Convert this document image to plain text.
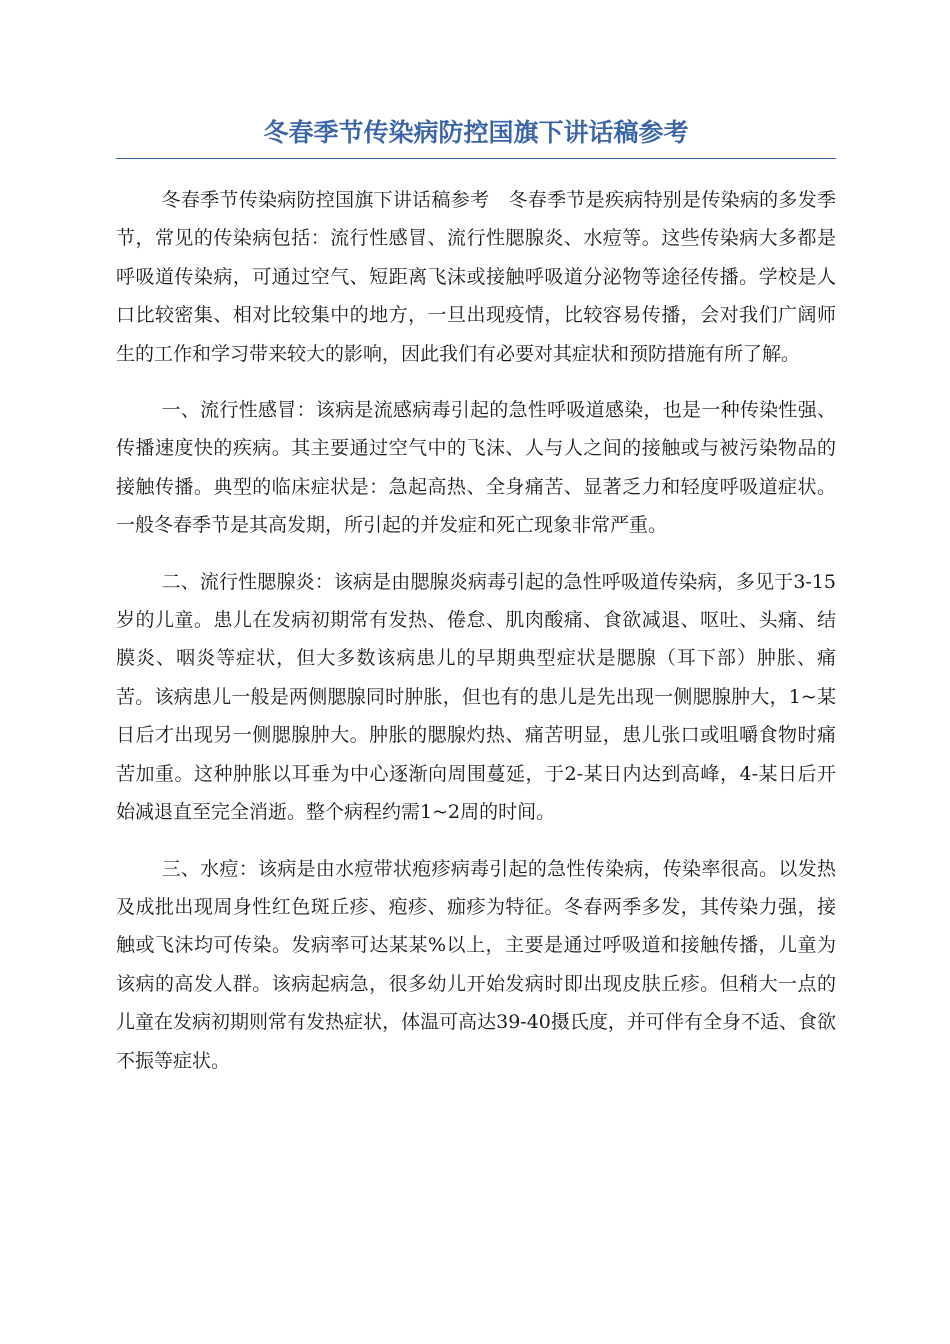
冬春季节传染病防控国旗下讲话稿参考

冬春季节传染病防控国旗下讲话稿参考　冬春季节是疾病特别是传染病的多发季节，常见的传染病包括：流行性感冒、流行性腮腺炎、水痘等。这些传染病大多都是呼吸道传染病，可通过空气、短距离飞沫或接触呼吸道分泌物等途径传播。学校是人口比较密集、相对比较集中的地方，一旦出现疫情，比较容易传播，会对我们广阔师生的工作和学习带来较大的影响，因此我们有必要对其症状和预防措施有所了解。

一、流行性感冒：该病是流感病毒引起的急性呼吸道感染，也是一种传染性强、传播速度快的疾病。其主要通过空气中的飞沫、人与人之间的接触或与被污染物品的接触传播。典型的临床症状是：急起高热、全身痛苦、显著乏力和轻度呼吸道症状。一般冬春季节是其高发期，所引起的并发症和死亡现象非常严重。

二、流行性腮腺炎：该病是由腮腺炎病毒引起的急性呼吸道传染病，多见于3-15岁的儿童。患儿在发病初期常有发热、倦怠、肌肉酸痛、食欲减退、呕吐、头痛、结膜炎、咽炎等症状，但大多数该病患儿的早期典型症状是腮腺（耳下部）肿胀、痛苦。该病患儿一般是两侧腮腺同时肿胀，但也有的患儿是先出现一侧腮腺肿大，1~某日后才出现另一侧腮腺肿大。肿胀的腮腺灼热、痛苦明显，患儿张口或咀嚼食物时痛苦加重。这种肿胀以耳垂为中心逐渐向周围蔓延，于2-某日内达到高峰，4-某日后开始减退直至完全消逝。整个病程约需1~2周的时间。

三、水痘：该病是由水痘带状疱疹病毒引起的急性传染病，传染率很高。以发热及成批出现周身性红色斑丘疹、疱疹、痂疹为特征。冬春两季多发，其传染力强，接触或飞沫均可传染。发病率可达某某%以上，主要是通过呼吸道和接触传播，儿童为该病的高发人群。该病起病急，很多幼儿开始发病时即出现皮肤丘疹。但稍大一点的儿童在发病初期则常有发热症状，体温可高达39-40摄氏度，并可伴有全身不适、食欲不振等症状。
